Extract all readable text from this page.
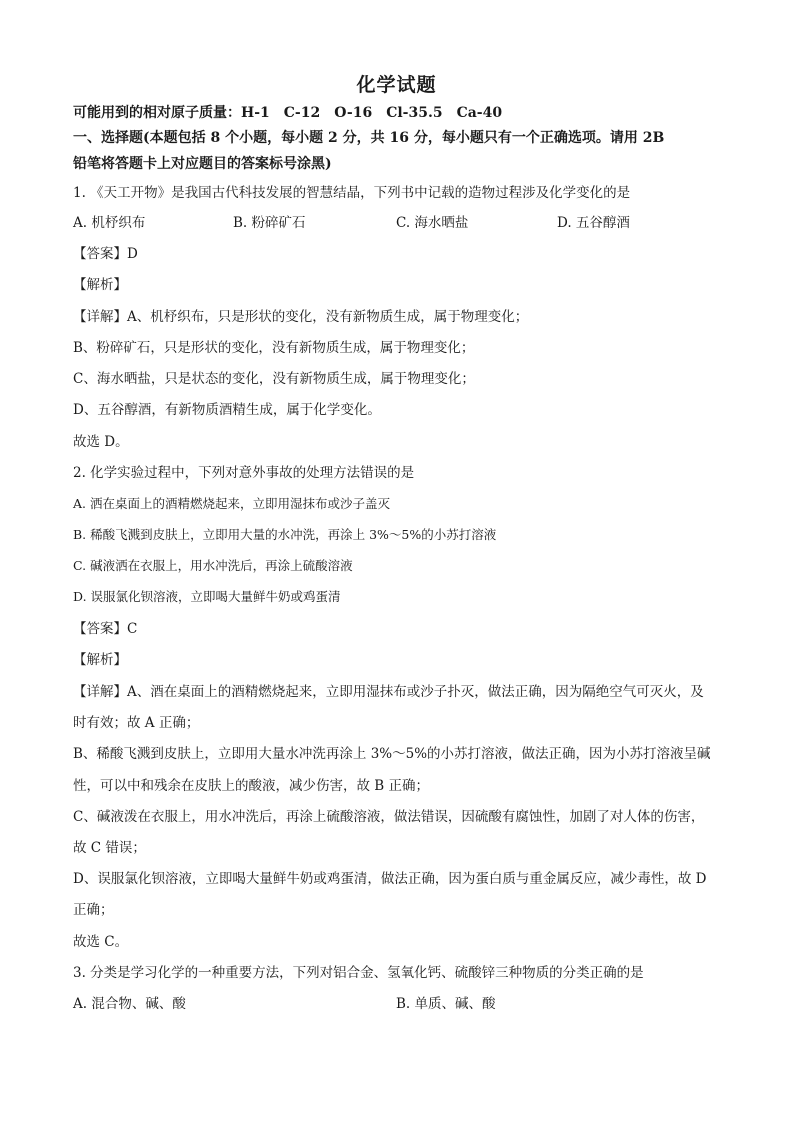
化学试题
可能用到的相对原子质量：H-1　C-12　O-16　Cl-35.5　Ca-40
一、选择题(本题包括 8 个小题，每小题 2 分，共 16 分，每小题只有一个正确选项。请用 2B
铅笔将答题卡上对应题目的答案标号涂黑)
1. 《天工开物》是我国古代科技发展的智慧结晶，下列书中记载的造物过程涉及化学变化的是
A. 机杼织布	B. 粉碎矿石	C. 海水晒盐	D. 五谷醇酒
【答案】D
【解析】
【详解】A、机杼织布，只是形状的变化，没有新物质生成，属于物理变化；
B、粉碎矿石，只是形状的变化，没有新物质生成，属于物理变化；
C、海水晒盐，只是状态的变化，没有新物质生成，属于物理变化；
D、五谷醇酒，有新物质酒精生成，属于化学变化。
故选 D。
2. 化学实验过程中，下列对意外事故的处理方法错误的是
A. 洒在桌面上的酒精燃烧起来，立即用湿抹布或沙子盖灭
B. 稀酸飞溅到皮肤上，立即用大量的水冲洗，再涂上 3%～5%的小苏打溶液
C. 碱液洒在衣服上，用水冲洗后，再涂上硫酸溶液
D. 误服氯化钡溶液，立即喝大量鲜牛奶或鸡蛋清
【答案】C
【解析】
【详解】A、酒在桌面上的酒精燃烧起来，立即用湿抹布或沙子扑灭，做法正确，因为隔绝空气可灭火，及
时有效；故 A 正确；
B、稀酸飞溅到皮肤上，立即用大量水冲洗再涂上 3%～5%的小苏打溶液，做法正确，因为小苏打溶液呈碱
性，可以中和残余在皮肤上的酸液，减少伤害，故 B 正确；
C、碱液泼在衣服上，用水冲洗后，再涂上硫酸溶液，做法错误，因硫酸有腐蚀性，加剧了对人体的伤害，
故 C 错误；
D、误服氯化钡溶液，立即喝大量鲜牛奶或鸡蛋清，做法正确，因为蛋白质与重金属反应，减少毒性，故 D
正确；
故选 C。
3. 分类是学习化学的一种重要方法，下列对铝合金、氢氧化钙、硫酸锌三种物质的分类正确的是
A. 混合物、碱、酸	B. 单质、碱、酸
